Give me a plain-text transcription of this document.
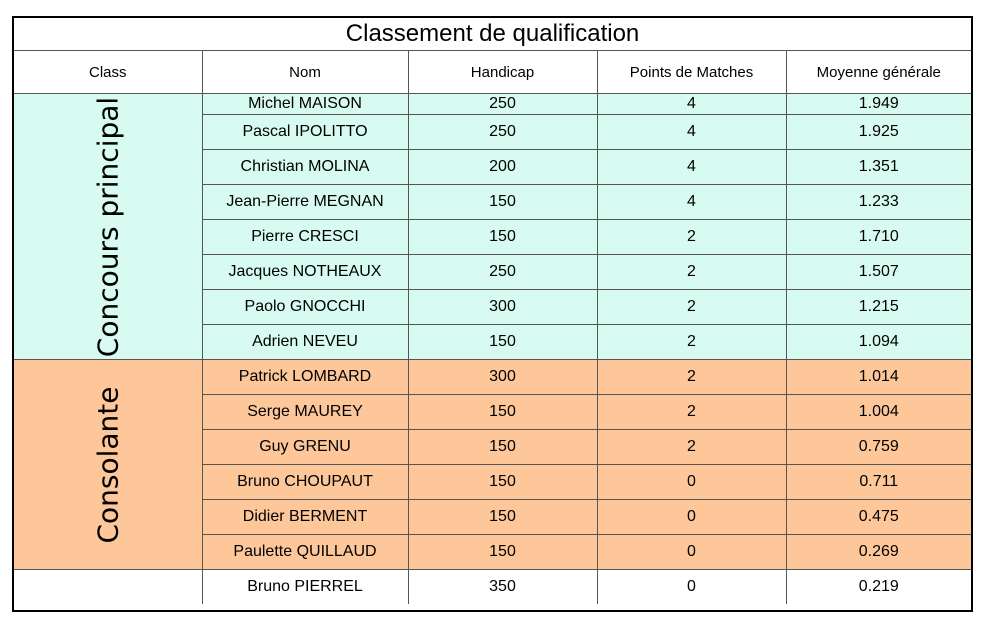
Classement de qualification				
Class	Nom	Handicap	Points de Matches	Moyenne générale

Concours principal	Michel MAISON	250	4	1.949
	Pascal IPOLITTO	250	4	1.925
	Christian MOLINA	200	4	1.351
	Jean-Pierre MEGNAN	150	4	1.233
	Pierre CRESCI	150	2	1.710
	Jacques NOTHEAUX	250	2	1.507
	Paolo GNOCCHI	300	2	1.215
	Adrien NEVEU	150	2	1.094

Consolante	Patrick LOMBARD	300	2	1.014
	Serge MAUREY	150	2	1.004
	Guy GRENU	150	2	0.759
	Bruno CHOUPAUT	150	0	0.711
	Didier BERMENT	150	0	0.475
	Paulette QUILLAUD	150	0	0.269
	Bruno PIERREL	350	0	0.219
